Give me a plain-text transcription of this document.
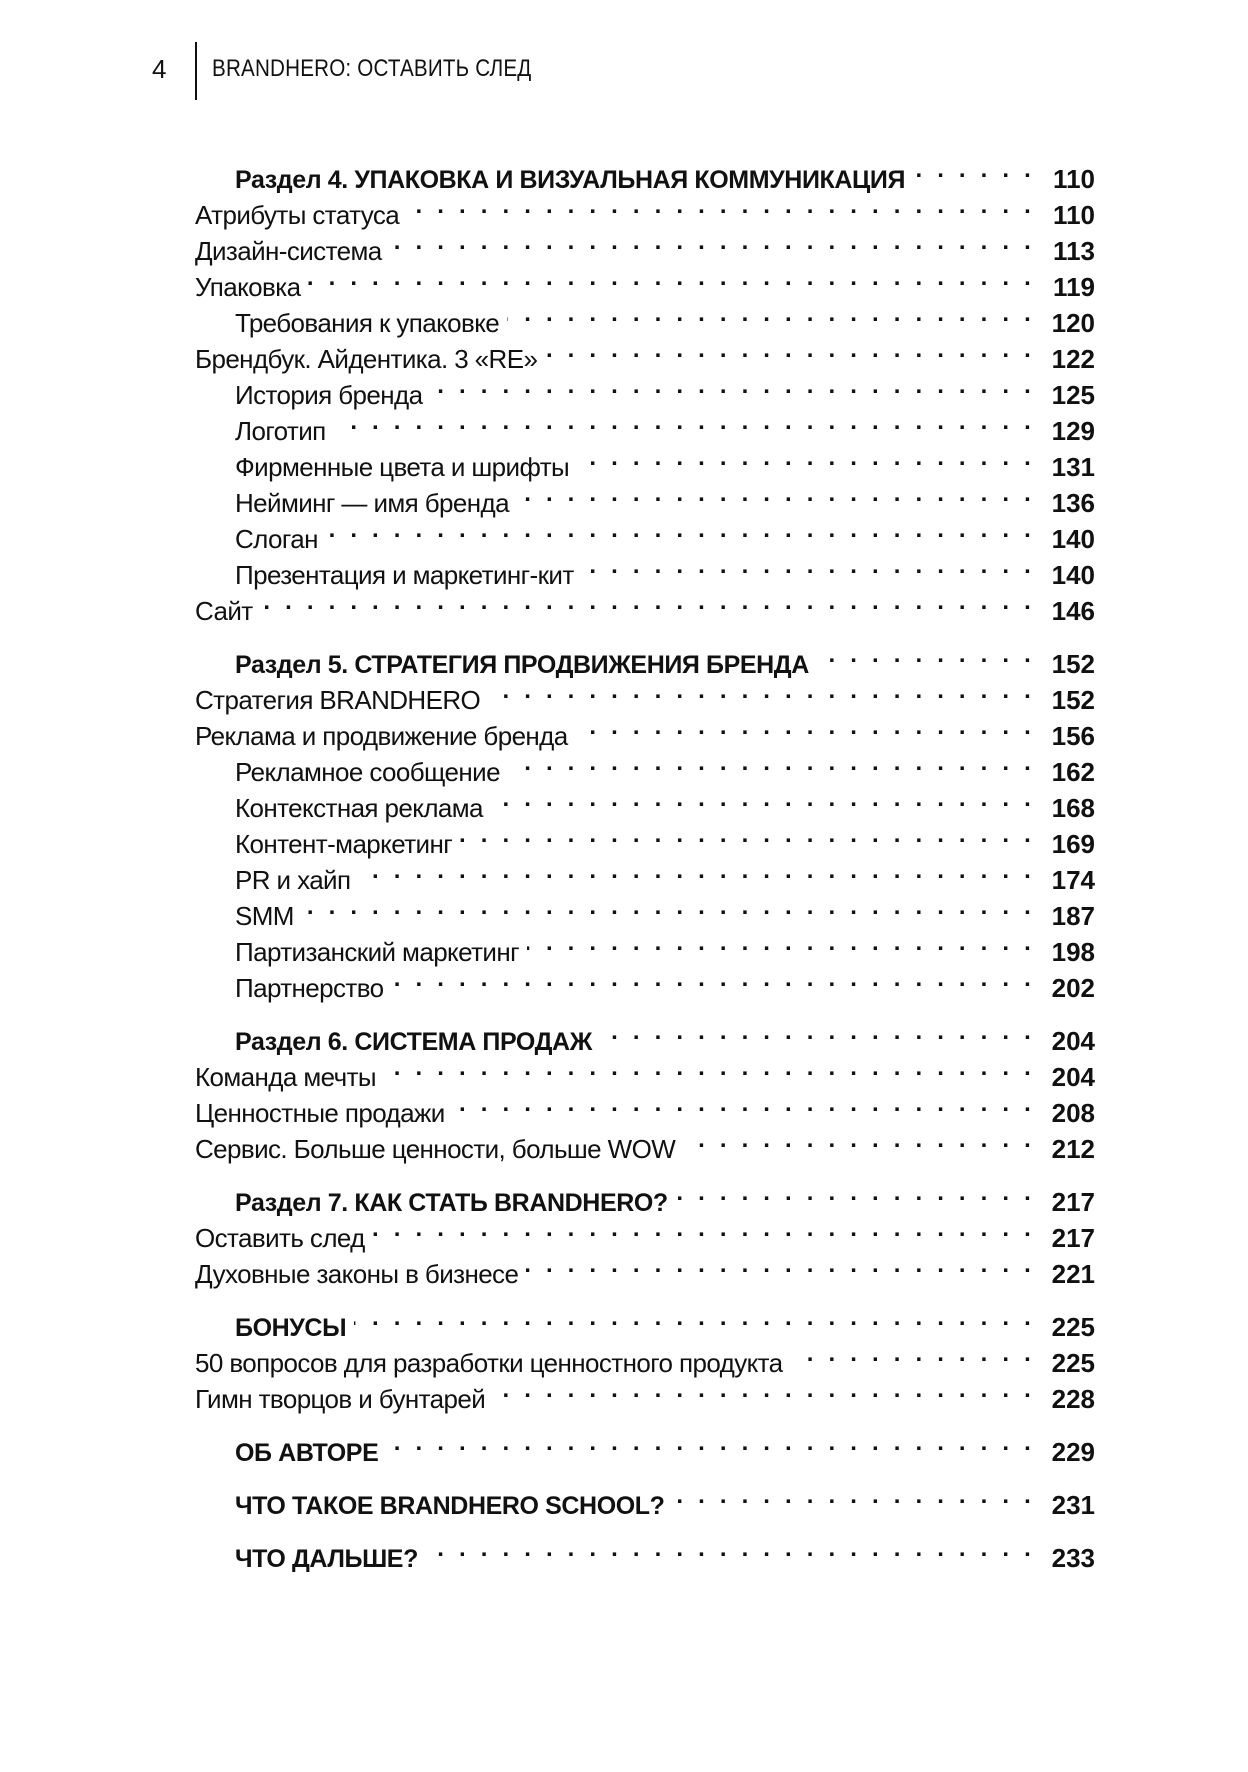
4 BRANDHERO: ОСТАВИТЬ СЛЕД
Раздел 4. УПАКОВКА И ВИЗУАЛЬНАЯ КОММУНИКАЦИЯ . . .	110
Атрибуты статуса . . .	110
Дизайн-система . . .	113
Упаковка . . .	119
Требования к упаковке . . .	120
Брендбук. Айдентика. 3 «RE» . . .	122
История бренда . . .	125
Логотип . . .	129
Фирменные цвета и шрифты . . .	131
Нейминг — имя бренда . . .	136
Слоган . . .	140
Презентация и маркетинг-кит . . .	140
Сайт . . .	146
Раздел 5. СТРАТЕГИЯ ПРОДВИЖЕНИЯ БРЕНДА . . .	152
Стратегия BRANDHERO . . .	152
Реклама и продвижение бренда . . .	156
Рекламное сообщение . . .	162
Контекстная реклама . . .	168
Контент-маркетинг . . .	169
PR и хайп . . .	174
SMM . . .	187
Партизанский маркетинг . . .	198
Партнерство . . .	202
Раздел 6. СИСТЕМА ПРОДАЖ . . .	204
Команда мечты . . .	204
Ценностные продажи . . .	208
Сервис. Больше ценности, больше WOW . . .	212
Раздел 7. КАК СТАТЬ BRANDHERO? . . .	217
Оставить след . . .	217
Духовные законы в бизнесе . . .	221
БОНУСЫ . . .	225
50 вопросов для разработки ценностного продукта . . .	225
Гимн творцов и бунтарей . . .	228
ОБ АВТОРЕ . . .	229
ЧТО ТАКОЕ BRANDHERO SCHOOL? . . .	231
ЧТО ДАЛЬШЕ? . . .	233
